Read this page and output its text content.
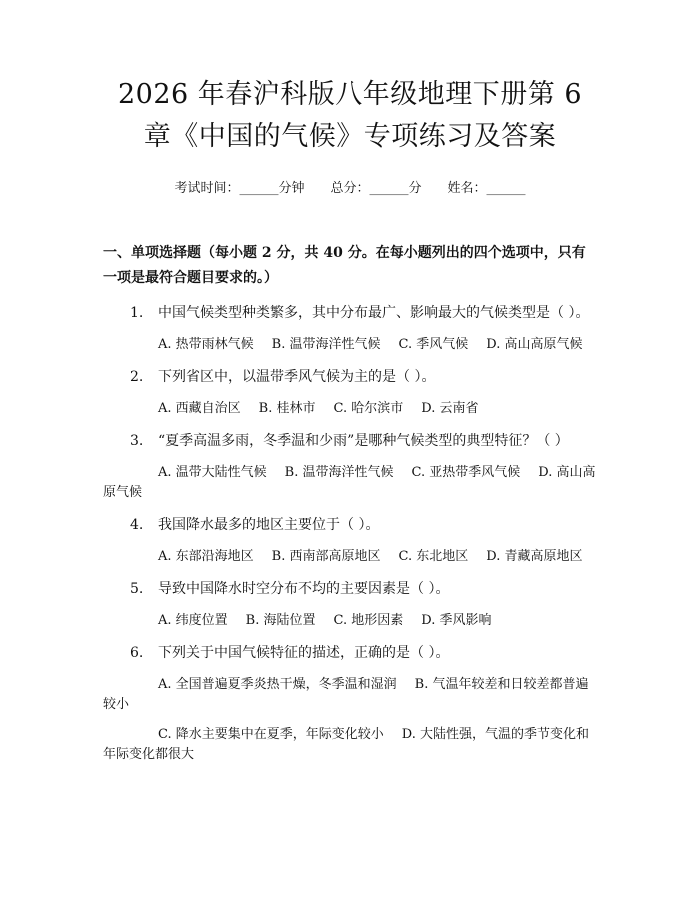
2026 年春沪科版八年级地理下册第 6 章《中国的气候》专项练习及答案
考试时间：______分钟 总分：______分 姓名：______
一、单项选择题（每小题 2 分，共 40 分。在每小题列出的四个选项中，只有一项是最符合题目要求的。）
1. 中国气候类型种类繁多，其中分布最广、影响最大的气候类型是（ ）。
A. 热带雨林气候 B. 温带海洋性气候 C. 季风气候 D. 高山高原气候
2. 下列省区中，以温带季风气候为主的是（ ）。
A. 西藏自治区 B. 桂林市 C. 哈尔滨市 D. 云南省
3. “夏季高温多雨，冬季温和少雨”是哪种气候类型的典型特征？（ ）
A. 温带大陆性气候 B. 温带海洋性气候 C. 亚热带季风气候 D. 高山高原气候
4. 我国降水最多的地区主要位于（ ）。
A. 东部沿海地区 B. 西南部高原地区 C. 东北地区 D. 青藏高原地区
5. 导致中国降水时空分布不均的主要因素是（ ）。
A. 纬度位置 B. 海陆位置 C. 地形因素 D. 季风影响
6. 下列关于中国气候特征的描述，正确的是（ ）。
A. 全国普遍夏季炎热干燥，冬季温和湿润 B. 气温年较差和日较差都普遍较小
C. 降水主要集中在夏季，年际变化较小 D. 大陆性强，气温的季节变化和年际变化都很大
